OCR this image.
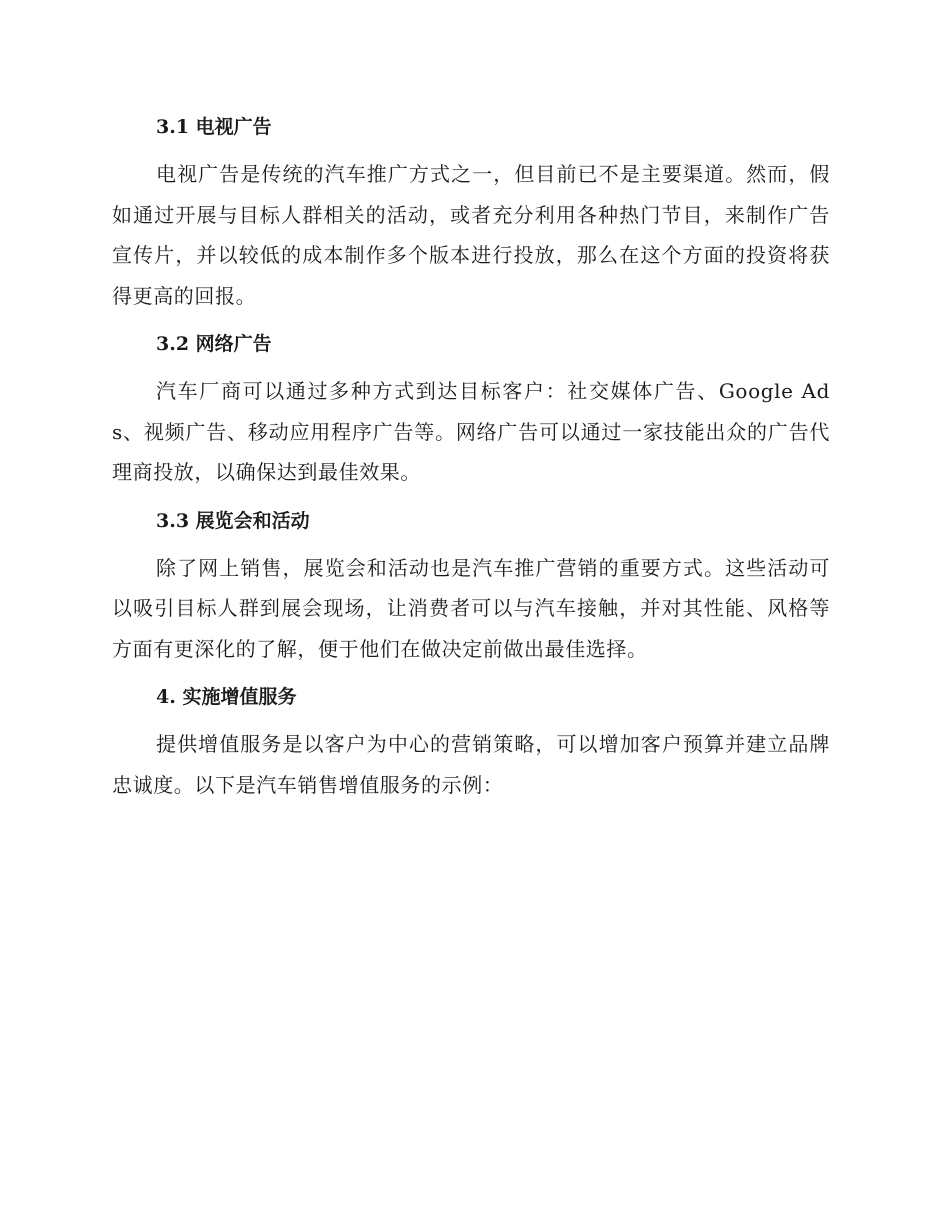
3.1 电视广告

电视广告是传统的汽车推广方式之一，但目前已不是主要渠道。然而，假如通过开展与目标人群相关的活动，或者充分利用各种热门节目，来制作广告宣传片，并以较低的成本制作多个版本进行投放，那么在这个方面的投资将获得更高的回报。

3.2 网络广告

汽车厂商可以通过多种方式到达目标客户：社交媒体广告、Google Ads、视频广告、移动应用程序广告等。网络广告可以通过一家技能出众的广告代理商投放，以确保达到最佳效果。

3.3 展览会和活动

除了网上销售，展览会和活动也是汽车推广营销的重要方式。这些活动可以吸引目标人群到展会现场，让消费者可以与汽车接触，并对其性能、风格等方面有更深化的了解，便于他们在做决定前做出最佳选择。

4. 实施增值服务

提供增值服务是以客户为中心的营销策略，可以增加客户预算并建立品牌忠诚度。以下是汽车销售增值服务的示例：
